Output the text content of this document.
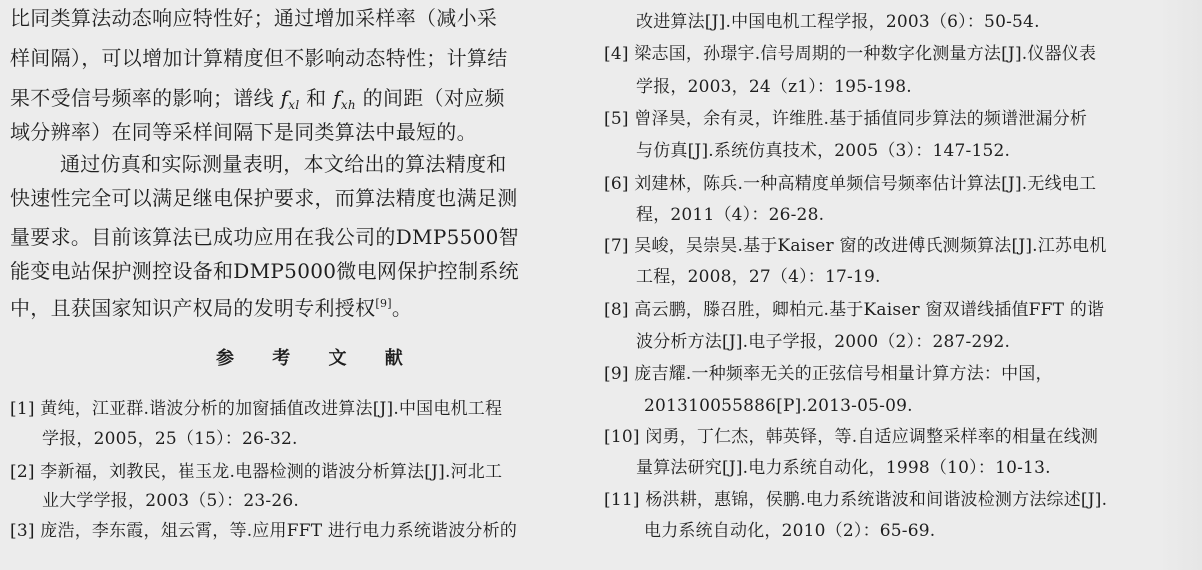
比同类算法动态响应特性好；通过增加采样率（减小采
样间隔），可以增加计算精度但不影响动态特性；计算结
果不受信号频率的影响；谱线 $f_{xl}$ 和 $f_{xh}$ 的间距（对应频
域分辨率）在同等采样间隔下是同类算法中最短的。
通过仿真和实际测量表明，本文给出的算法精度和
快速性完全可以满足继电保护要求，而算法精度也满足测
量要求。目前该算法已成功应用在我公司的DMP5500智
能变电站保护测控设备和DMP5000微电网保护控制系统
中，且获国家知识产权局的发明专利授权[9]。
参 考 文 献
[1] 黄纯，江亚群.谐波分析的加窗插值改进算法[J].中国电机工程
学报，2005，25（15）：26-32.
[2] 李新福，刘教民，崔玉龙.电器检测的谐波分析算法[J].河北工
业大学学报，2003（5）：23-26.
[3] 庞浩，李东霞，俎云霄，等.应用FFT 进行电力系统谐波分析的
改进算法[J].中国电机工程学报，2003（6）：50-54.
[4] 梁志国，孙璟宇.信号周期的一种数字化测量方法[J].仪器仪表
学报，2003，24（z1）：195-198.
[5] 曾泽昊，余有灵，许维胜.基于插值同步算法的频谱泄漏分析
与仿真[J].系统仿真技术，2005（3）：147-152.
[6] 刘建林，陈兵.一种高精度单频信号频率估计算法[J].无线电工
程，2011（4）：26-28.
[7] 吴峻，吴崇昊.基于Kaiser 窗的改进傅氏测频算法[J].江苏电机
工程，2008，27（4）：17-19.
[8] 高云鹏，滕召胜，卿柏元.基于Kaiser 窗双谱线插值FFT 的谐
波分析方法[J].电子学报，2000（2）：287-292.
[9] 庞吉耀.一种频率无关的正弦信号相量计算方法：中国，
201310055886[P].2013-05-09.
[10] 闵勇，丁仁杰，韩英铎，等.自适应调整采样率的相量在线测
量算法研究[J].电力系统自动化，1998（10）：10-13.
[11] 杨洪耕，惠锦，侯鹏.电力系统谐波和间谐波检测方法综述[J].
电力系统自动化，2010（2）：65-69.
